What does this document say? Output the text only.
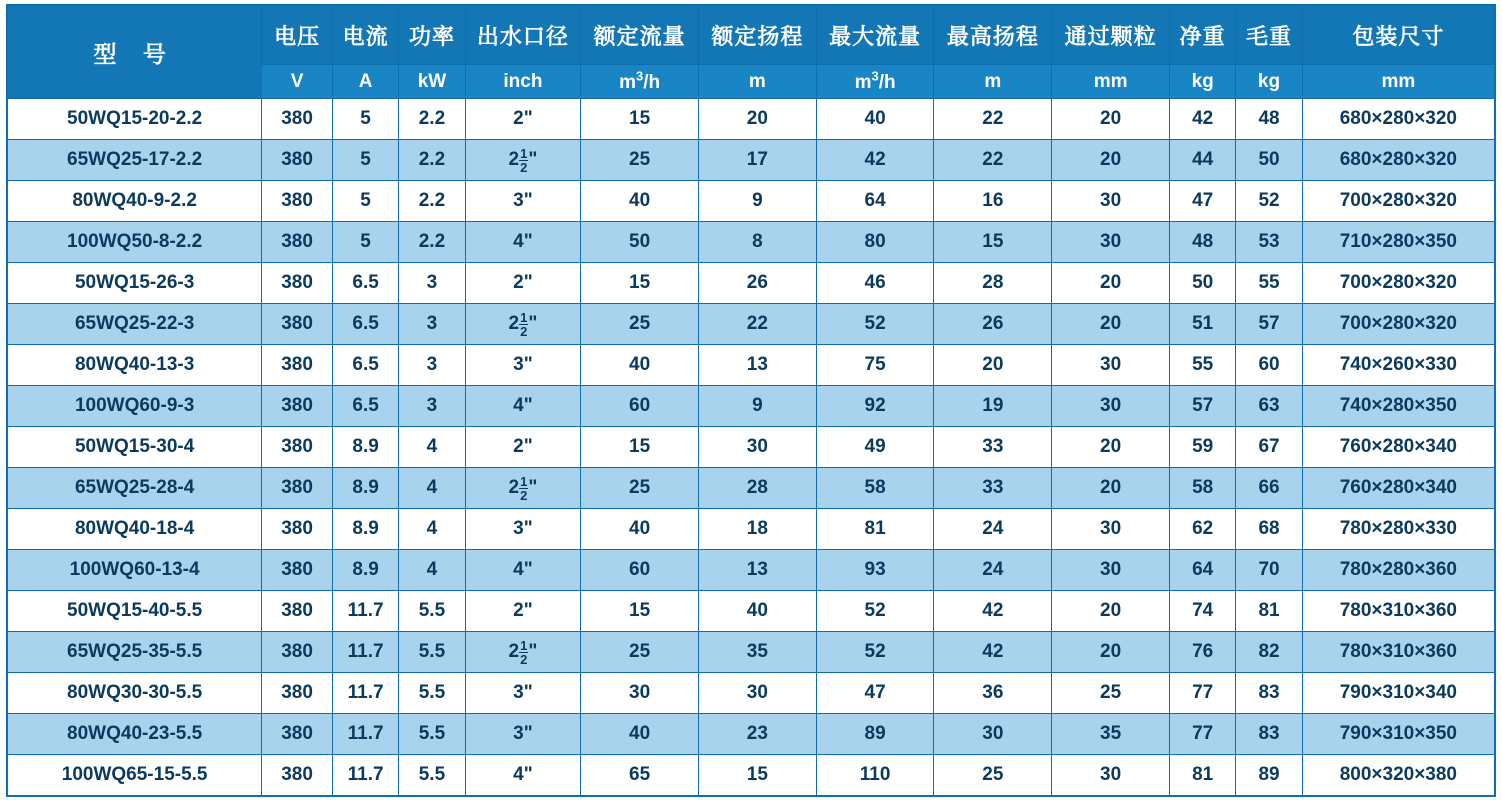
型 号	电压	电流	功率	出水口径	额定流量	额定扬程	最大流量	最高扬程	通过颗粒	净重	毛重	包装尺寸
	V	A	kW	inch	$m^3/h$	m	$m^3/h$	m	mm	kg	kg	mm
50WQ15-20-2.2	380	5	2.2	2"	15	20	40	22	20	42	48	680×280×320
65WQ25-17-2.2	380	5	2.2	$2 \frac{1}{2}$ "	25	17	42	22	20	44	50	680×280×320
80WQ40-9-2.2	380	5	2.2	3"	40	9	64	16	30	47	52	700×280×320
100WQ50-8-2.2	380	5	2.2	4"	50	8	80	15	30	48	53	710×280×350
50WQ15-26-3	380	6.5	3	2"	15	26	46	28	20	50	55	700×280×320
65WQ25-22-3	380	6.5	3	$2 \frac{1}{2}$ "	25	22	52	26	20	51	57	700×280×320
80WQ40-13-3	380	6.5	3	3"	40	13	75	20	30	55	60	740×260×330
100WQ60-9-3	380	6.5	3	4"	60	9	92	19	30	57	63	740×280×350
50WQ15-30-4	380	8.9	4	2"	15	30	49	33	20	59	67	760×280×340
65WQ25-28-4	380	8.9	4	$2 \frac{1}{2}$ "	25	28	58	33	20	58	66	760×280×340
80WQ40-18-4	380	8.9	4	3"	40	18	81	24	30	62	68	780×280×330
100WQ60-13-4	380	8.9	4	4"	60	13	93	24	30	64	70	780×280×360
50WQ15-40-5.5	380	11.7	5.5	2"	15	40	52	42	20	74	81	780×310×360
65WQ25-35-5.5	380	11.7	5.5	$2 \frac{1}{2}$ "	25	35	52	42	20	76	82	780×310×360
80WQ30-30-5.5	380	11.7	5.5	3"	30	30	47	36	25	77	83	790×310×340
80WQ40-23-5.5	380	11.7	5.5	3"	40	23	89	30	35	77	83	790×310×350
100WQ65-15-5.5	380	11.7	5.5	4"	65	15	110	25	30	81	89	800×320×380
